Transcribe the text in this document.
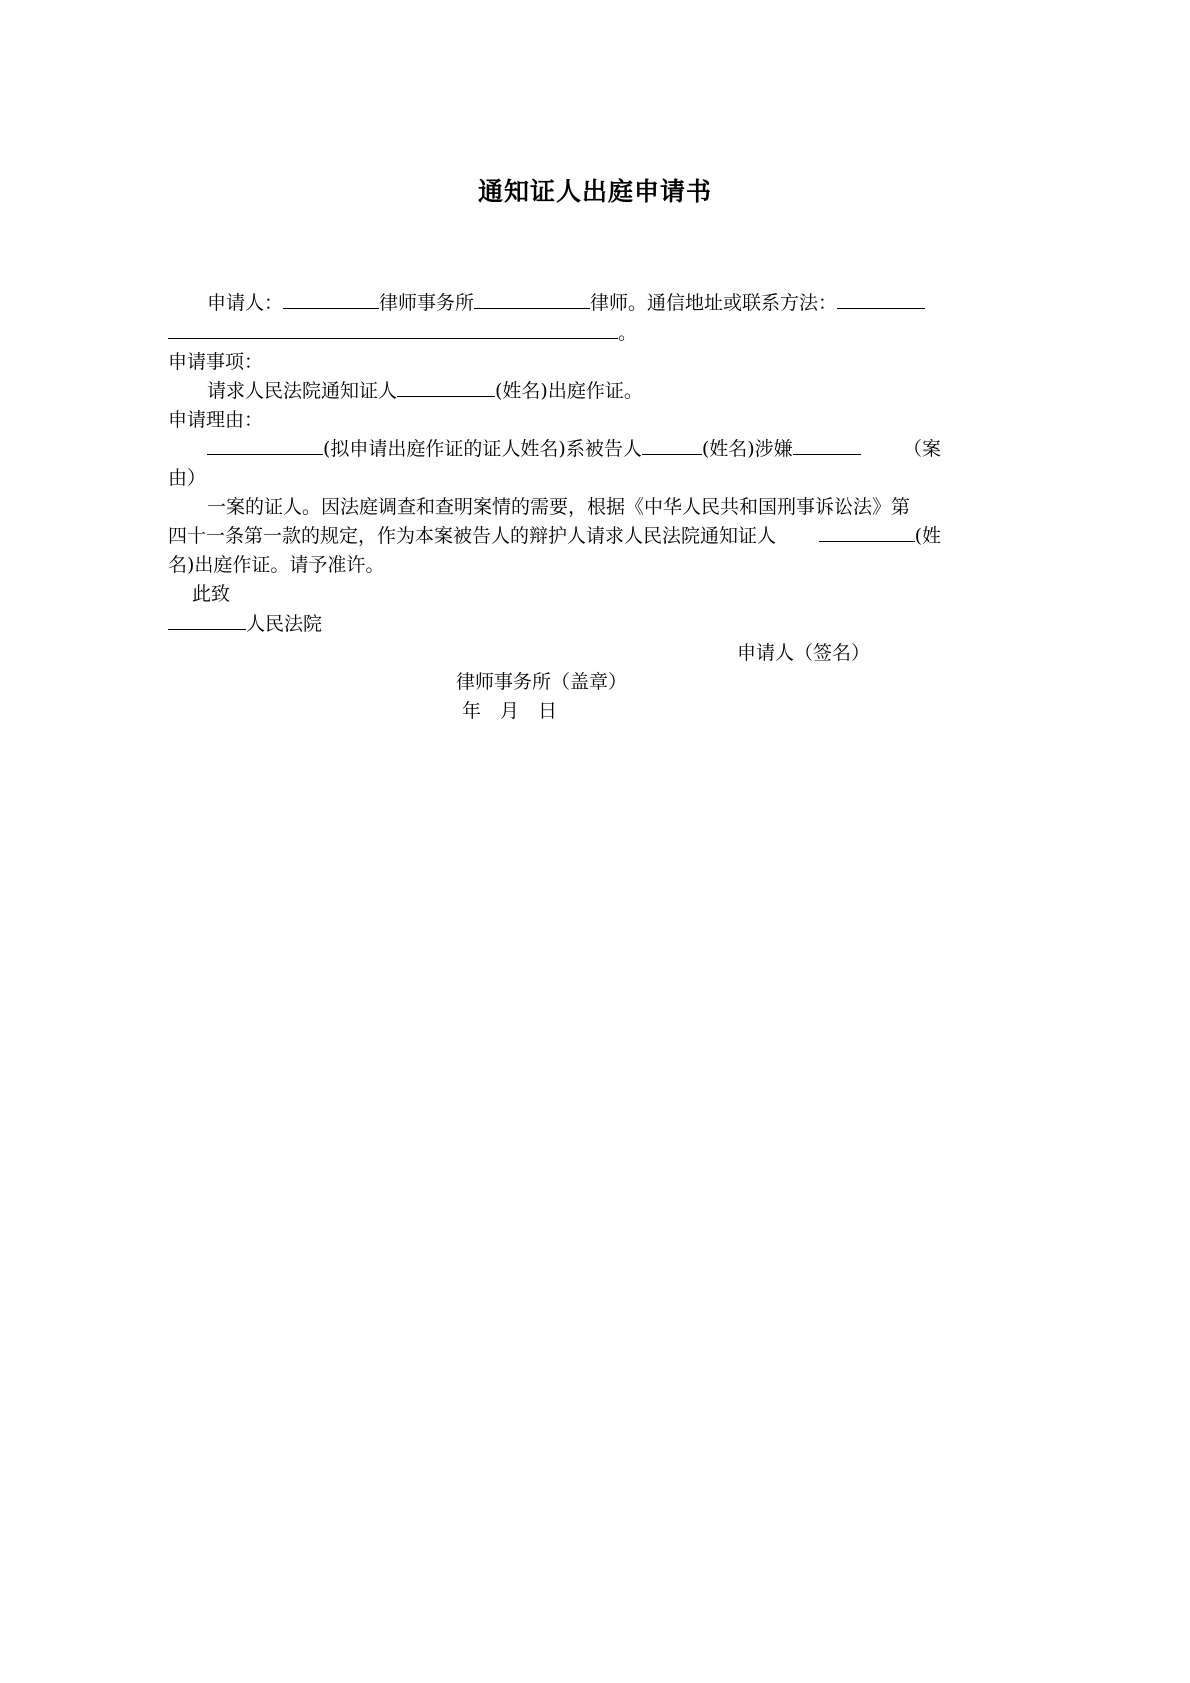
通知证人出庭申请书
申请人：	律师事务所	律师。通信地址或联系方法：
。
申请事项：
请求人民法院通知证人	(姓名)出庭作证。
申请理由：
(拟申请出庭作证的证人姓名)系被告人	(姓名)涉嫌	（案
由）
一案的证人。因法庭调查和查明案情的需要，根据《中华人民共和国刑事诉讼法》第
四十一条第一款的规定，作为本案被告人的辩护人请求人民法院通知证人	(姓
名)出庭作证。请予准许。
此致
人民法院
申请人（签名）
律师事务所（盖章）
年　月　日
